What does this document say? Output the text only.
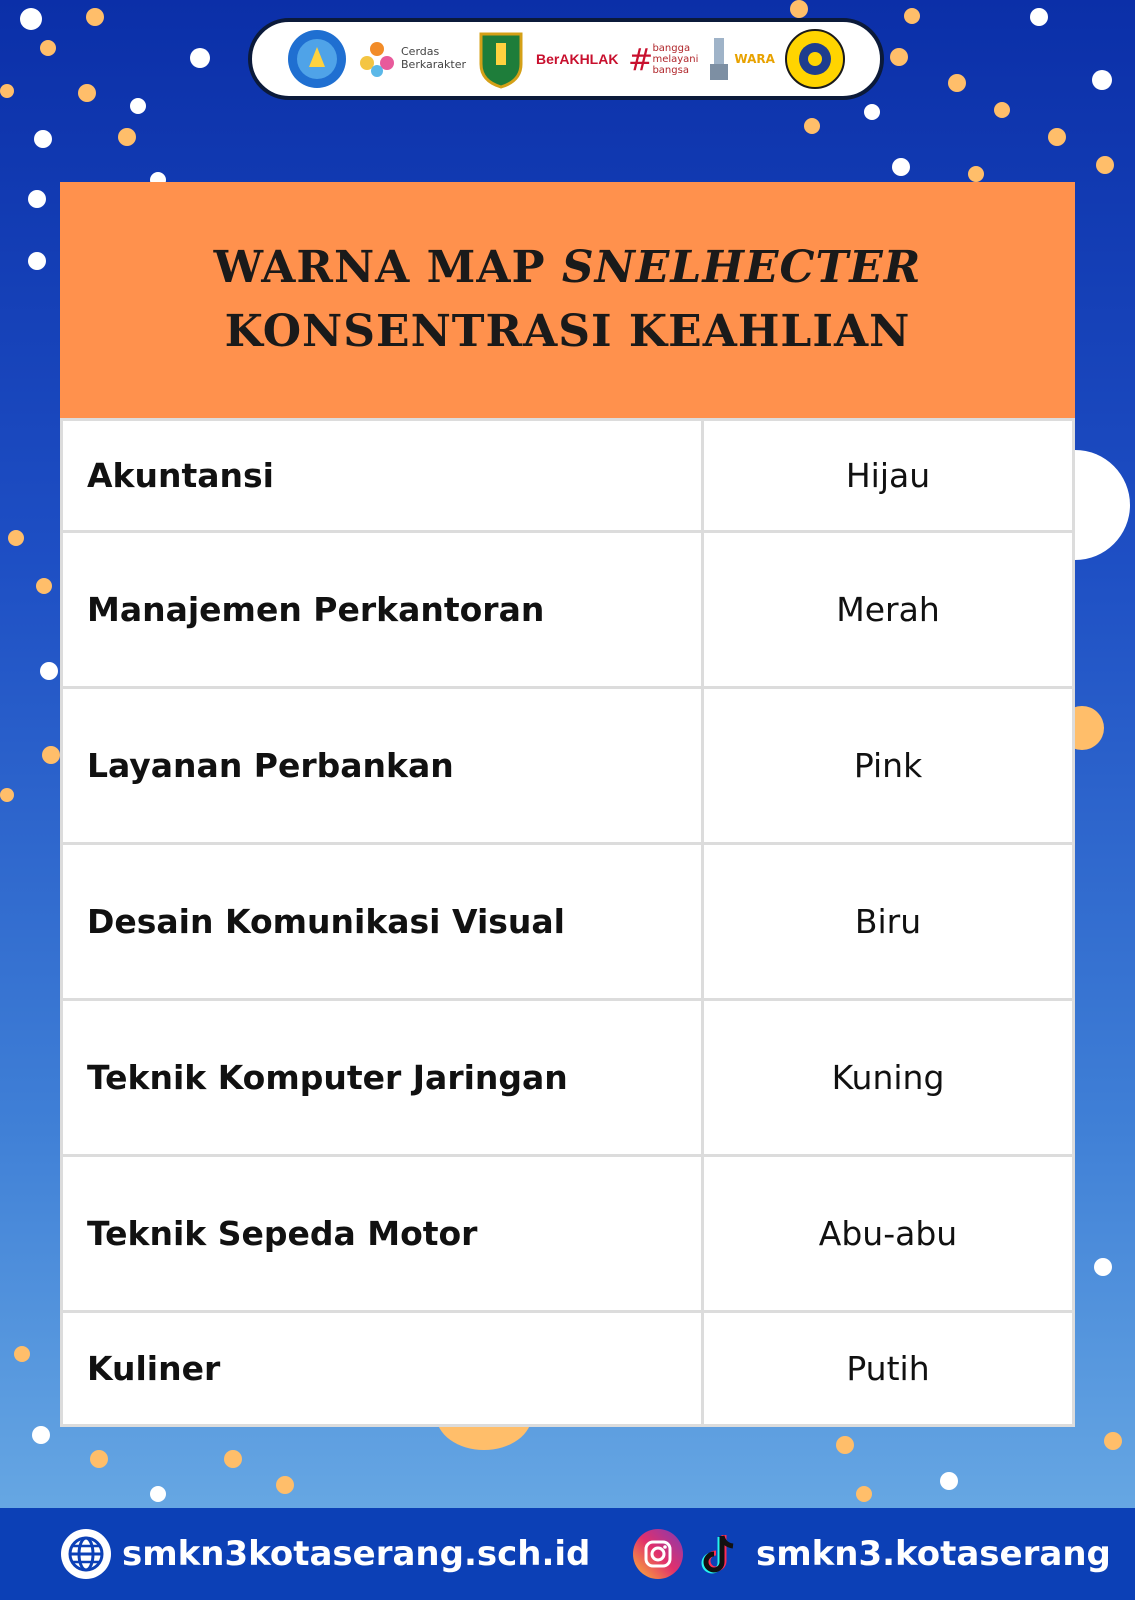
Cerdas
Berkarakter	BerAKHLAK #
bangga
melayani
bangsa
WARA
WARNA MAP SNELHECTER
KONSENTRASI KEAHLIAN
Akuntansi	Hijau
Manajemen Perkantoran	Merah
Layanan Perbankan	Pink
Desain Komunikasi Visual	Biru
Teknik Komputer Jaringan	Kuning
Teknik Sepeda Motor	Abu-abu
Kuliner	Putih
smkn3kotaserang.sch.id	smkn3.kotaserang
